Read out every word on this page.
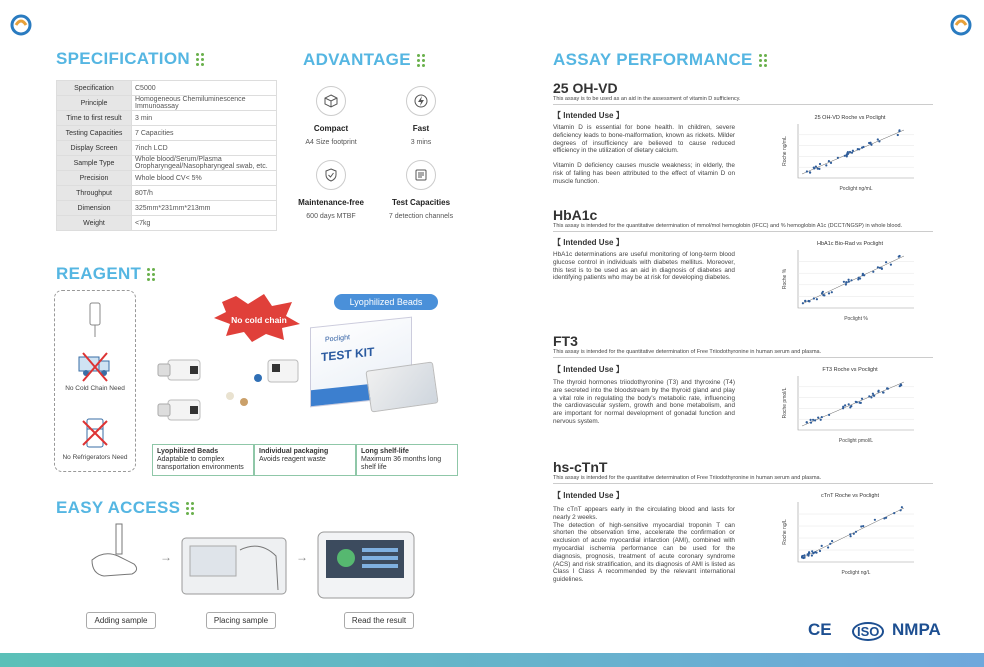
SPECIFICATION
Specification	C5000
Principle	Homogeneous Chemiluminescence Immunoassay
Time to first result	3 min
Testing Capacities	7 Capacities
Display Screen	7inch LCD
Sample Type	Whole blood/Serum/Plasma Oropharyngeal/Nasopharyngeal swab, etc.
Precision	Whole blood CV< 5%
Throughput	80T/h
Dimension	325mm*231mm*213mm
Weight	<7kg
ADVANTAGE
Compact
A4 Size footprint
Fast
3 mins
Maintenance-free
600 days MTBF
Test Capacities
7 detection channels
REAGENT
No Cold Chain Need
No Refrigerators Need
No cold chain
Lyophilized Beads
Poclight
TEST KIT
Lyophilized Beads
Adaptable to complex transportation environments
Individual packaging
Avoids reagent waste
Long shelf-life
Maximum 36 months long shelf life
EASY ACCESS
→	→
Adding sample	Placing sample	Read the result
ASSAY PERFORMANCE
25 OH-VD
This assay is to be used as an aid in the assessment of vitamin D sufficiency.
【 Intended Use 】
Vitamin D is essential for bone health. In children, severe deficiency leads to bone-malformation, known as rickets. Milder degrees of insufficiency are believed to cause reduced efficiency in the utilization of dietary calcium.
Vitamin D deficiency causes muscle weakness; in elderly, the risk of falling has been attributed to the effect of vitamin D on muscle function.
HbA1c
This assay is intended for the quantitative determination of mmol/mol hemoglobin (IFCC) and % hemoglobin A1c (DCCT/NGSP) in whole blood.
【 Intended Use 】
HbA1c determinations are useful monitoring of long-term blood glucose control in individuals with diabetes mellitus. Moreover, this test is to be used as an aid in diagnosis of diabetes and identifying patients who may be at risk for developing diabetes.
FT3
This assay is intended for the quantitative determination of Free Triiodothyronine in human serum and plasma.
【 Intended Use 】
The thyroid hormones triiodothyronine (T3) and thyroxine (T4) are secreted into the bloodstream by the thyroid gland and play a vital role in regulating the body's metabolic rate, influencing the cardiovascular system, growth and bone metabolism, and are important for normal development of gonadal function and nervous system.
hs-cTnT
This assay is intended for the quantitative determination of Free Triiodothyronine in human serum and plasma.
【 Intended Use 】
The cTnT appears early in the circulating blood and lasts for nearly 2 weeks.
The detection of high-sensitive myocardial troponin T can shorten the observation time, accelerate the confirmation or exclusion of acute myocardial infarction (AMI), combined with myocardial ischemia performance can be used for the diagnosis, prognosis, treatment of acute coronary syndrome (ACS) and risk stratification, and its diagnosis of AMI is listed as Class I Class A recommended by the relevant international guidelines.
25 OH-VD Roche vs Poclight
Poclight ng/mL
Roche ng/mL
HbA1c Bio-Rad vs Poclight
Poclight %
Roche %
FT3 Roche vs Poclight
Poclight pmol/L
Roche pmol/L
cTnT Roche vs Poclight
Poclight ng/L
Roche ng/L
CE	ISO NMPA
